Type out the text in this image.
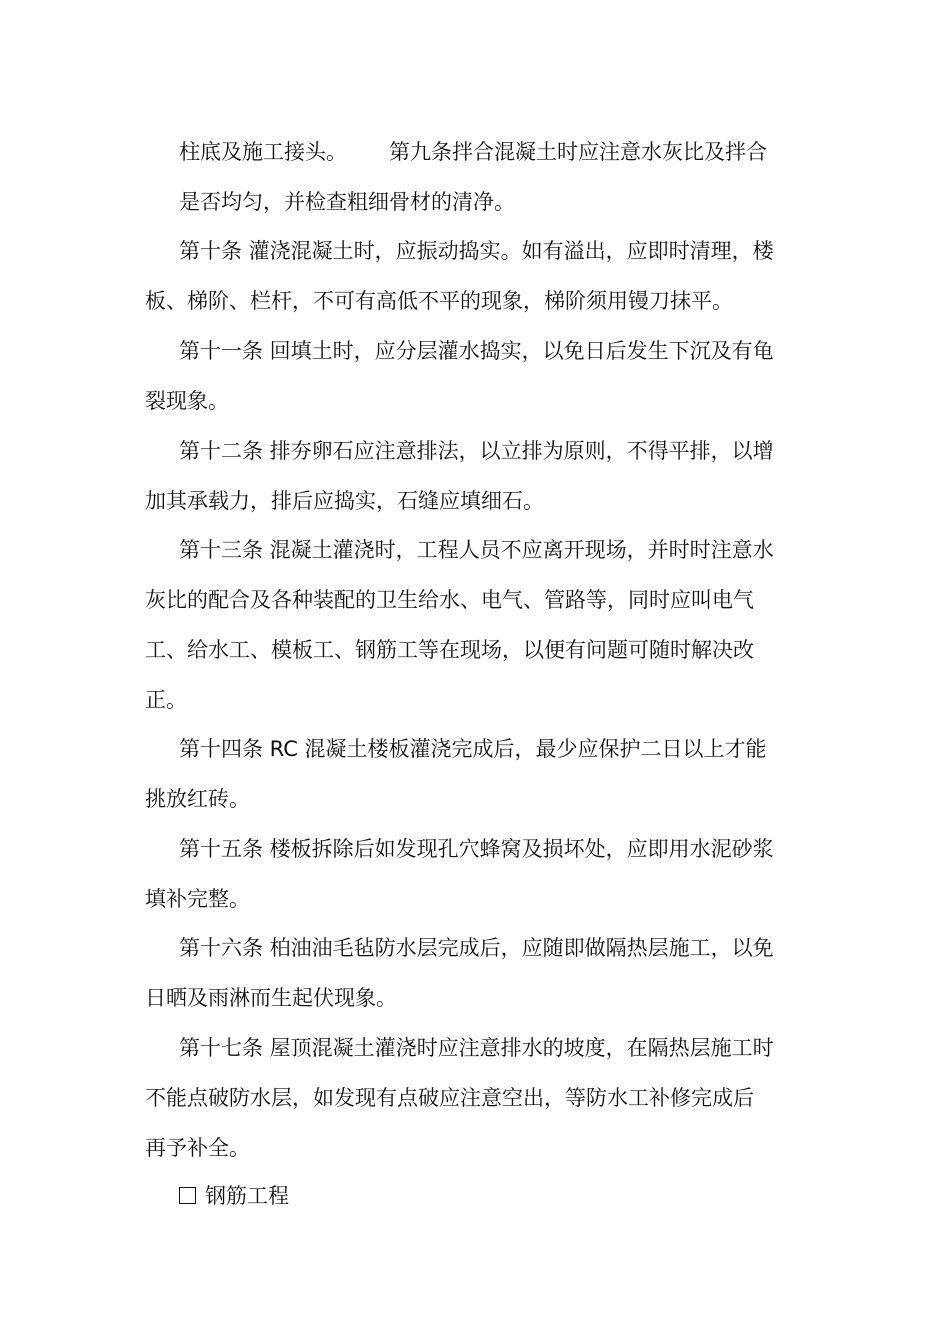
柱底及施工接头。 第九条拌合混凝土时应注意水灰比及拌合
是否均匀，并检查粗细骨材的清净。
第十条 灌浇混凝土时，应振动捣实。如有溢出，应即时清理，楼
板、梯阶、栏杆，不可有高低不平的现象，梯阶须用镘刀抹平。
第十一条 回填土时，应分层灌水捣实，以免日后发生下沉及有龟
裂现象。
第十二条 排夯卵石应注意排法，以立排为原则，不得平排，以增
加其承载力，排后应捣实，石缝应填细石。
第十三条 混凝土灌浇时，工程人员不应离开现场，并时时注意水
灰比的配合及各种装配的卫生给水、电气、管路等，同时应叫电气
工、给水工、模板工、钢筋工等在现场，以便有问题可随时解决改
正。
第十四条 RC 混凝土楼板灌浇完成后，最少应保护二日以上才能
挑放红砖。
第十五条 楼板拆除后如发现孔穴蜂窝及损坏处，应即用水泥砂浆
填补完整。
第十六条 柏油油毛毡防水层完成后，应随即做隔热层施工，以免
日晒及雨淋而生起伏现象。
第十七条 屋顶混凝土灌浇时应注意排水的坡度，在隔热层施工时
不能点破防水层，如发现有点破应注意空出，等防水工补修完成后
再予补全。
钢筋工程
